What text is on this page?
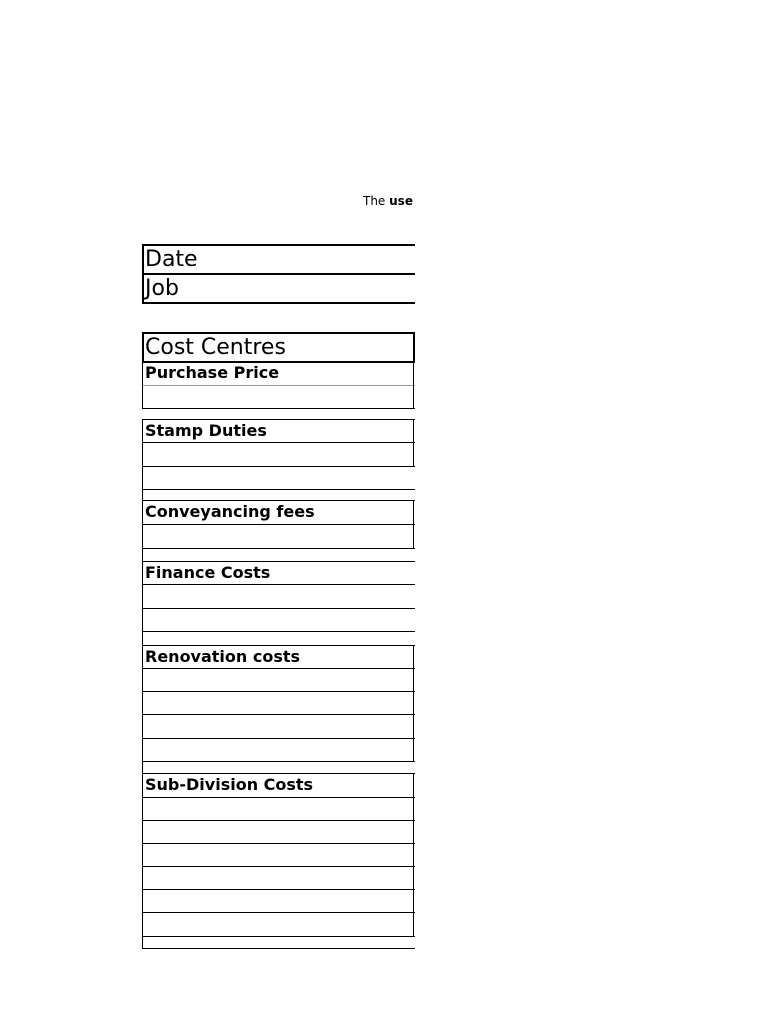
The use
Date
Job
Cost Centres
Purchase Price
Stamp Duties
Conveyancing fees
Finance Costs
Renovation costs
Sub-Division Costs
